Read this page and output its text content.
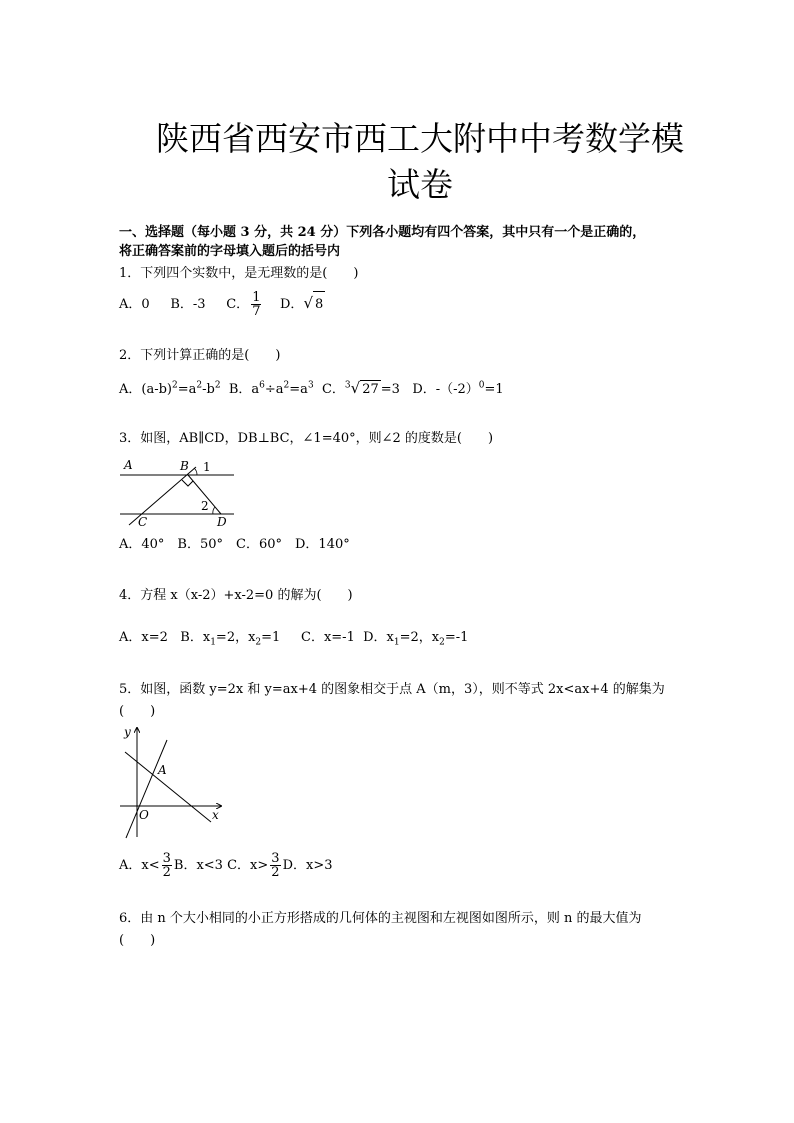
陕西省西安市西工大附中中考数学模
试卷
一、选择题（每小题 3 分，共 24 分）下列各小题均有四个答案，其中只有一个是正确的，
将正确答案前的字母填入题后的括号内
1．下列四个实数中，是无理数的是(　　)
A．0 B．-3 C． $\frac{1}{7}$ D．√ 8
2．下列计算正确的是(　　)
A．$(a-b)^2=a^2-b^2$ B．$a^6\div a^2=a^3$ C．$^3$√ 27 =3 D．$-(-2)^0=1$
3．如图，AB∥CD，DB⊥BC，∠1=40°，则∠2 的度数是(　　)
A	B 1
2
C	D
A．40°　B．50°　C．60°　D．140°
4．方程 x（x-2）+x-2=0 的解为(　　)
A．x=2 B．$x_1=2$，$x_2=1$ C．x=-1 D．$x_1=2$，$x_2=-1$
5．如图，函数 y=2x 和 y=ax+4 的图象相交于点 A（m，3），则不等式 2x<ax+4 的解集为
(　　)
y
x
A
O
A．$x< \frac{3}{2}$ B．x<3 C．$x> \frac{3}{2}$ D．x>3
6．由 n 个大小相同的小正方形搭成的几何体的主视图和左视图如图所示，则 n 的最大值为
(　　)
